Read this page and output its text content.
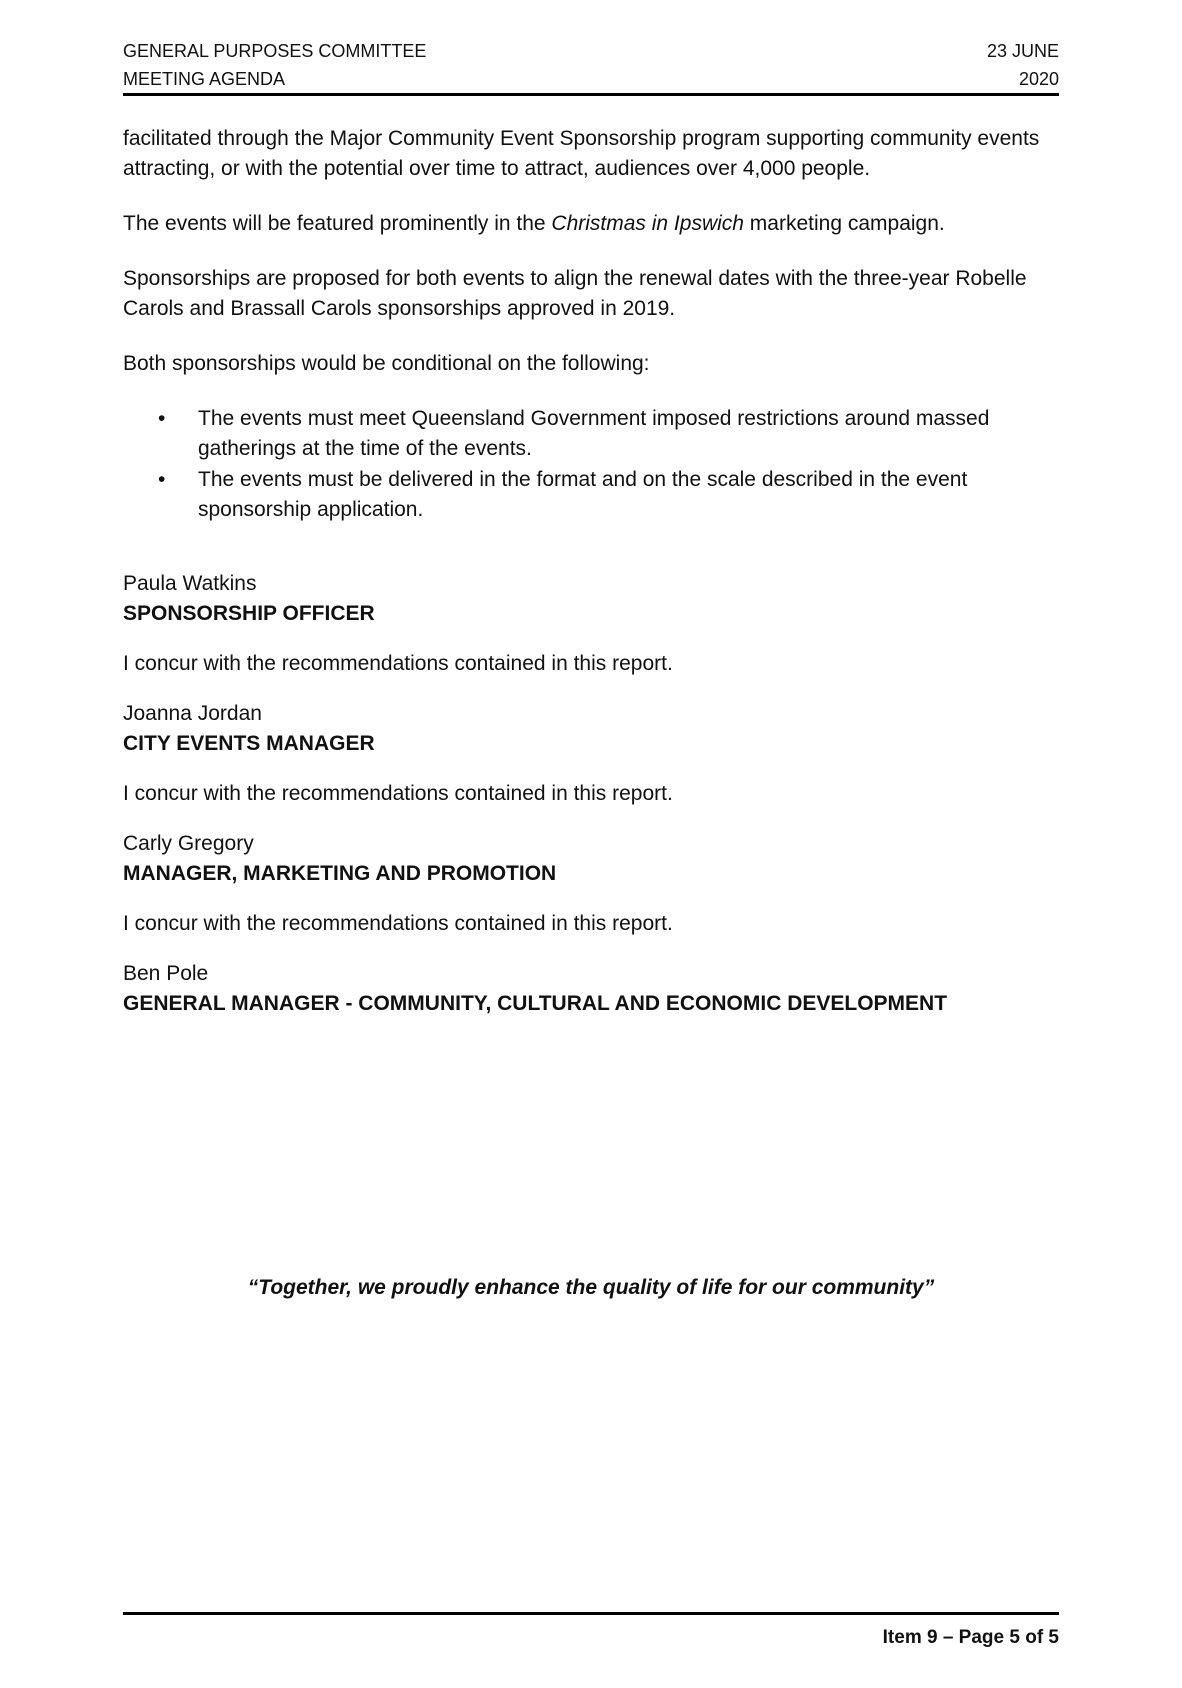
GENERAL PURPOSES COMMITTEE
MEETING AGENDA
23 JUNE
2020

facilitated through the Major Community Event Sponsorship program supporting community events attracting, or with the potential over time to attract, audiences over 4,000 people.

The events will be featured prominently in the Christmas in Ipswich marketing campaign.

Sponsorships are proposed for both events to align the renewal dates with the three-year Robelle Carols and Brassall Carols sponsorships approved in 2019.

Both sponsorships would be conditional on the following:

• The events must meet Queensland Government imposed restrictions around massed gatherings at the time of the events.
• The events must be delivered in the format and on the scale described in the event sponsorship application.
Paula Watkins
SPONSORSHIP OFFICER
I concur with the recommendations contained in this report.
Joanna Jordan
CITY EVENTS MANAGER
I concur with the recommendations contained in this report.
Carly Gregory
MANAGER, MARKETING AND PROMOTION
I concur with the recommendations contained in this report.
Ben Pole
GENERAL MANAGER - COMMUNITY, CULTURAL AND ECONOMIC DEVELOPMENT
“Together, we proudly enhance the quality of life for our community”
Item 9 – Page 5 of 5
